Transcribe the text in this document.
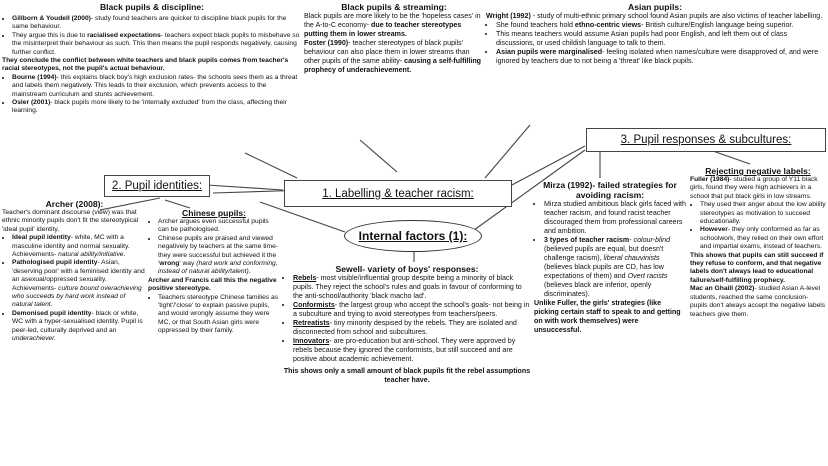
Black pupils & discipline:
• Gillborn & Youdell (2000)- study found teachers are quicker to discipline black pupils for the same behaviour.
• They argue this is due to racialised expectations- teachers expect black pupils to misbehave so the misinterpret their behaviour as such. This then means the pupil responds negatively, causing further conflict.

They conclude the conflict between white teachers and black pupils comes from teacher's racial stereotypes, not the pupil's actual behaviour.

• Bourne (1994)- this explains black boy's high exclusion rates- the schools sees them as a threat and labels them negatively. This leads to their exclusion, which prevents access to the mainstream curriculum and stunts achievement.
• Osler (2001)- black pupils more likely to be 'internally excluded' from the class, affecting their learning.
Black pupils & streaming:

Black pupils are more likely to be the 'hopeless cases' in the A-to-C economy- due to teacher stereotypes putting them in lower streams.

Foster (1990)- teacher stereotypes of black pupils' behaviour can also place them in lower streams than other pupils of the same ability- causing a self-fulfilling prophecy of underachievement.

Asian pupils:

Wright (1992) - study of multi-ethnic primary school found Asian pupils are also victims of teacher labelling.

• She found teachers hold ethno-centric views- British culture/English language being superior.
• This means teachers would assume Asian pupils had poor English, and left them out of class discussions, or used childish language to talk to them.
• Asian pupils were marginalised- feeling isolated when names/culture were disapproved of, and were ignored by teachers due to not being a 'threat' like black pupils.
2. Pupil identities:
1. Labelling & teacher racism:
3. Pupil responses & subcultures:
Internal factors (1):
Archer (2008):

Teacher's dominant discourse (view) was that ethnic minority pupils don't fit the stereotypical 'ideal pupil' identity.

• Ideal pupil identity- white, MC with a masculine identity and normal sexuality. Achievements- natural ability/initiative.
• Pathologised pupil identity- Asian, 'deserving poor' with a feminised identity and an asexual/oppressed sexuality. Achievements- culture bound overachieving who succeeds by hard work instead of natural talent.
• Demonised pupil identity- black or white, WC with a hyper-sexualised identity. Pupil is peer-led, culturally deprived and an underachiever.
Chinese pupils:
• Archer argues even successful pupils can be pathologised.
• Chinese pupils are praised and viewed negatively by teachers at the same time- they were successful but achieved it the 'wrong' way (hard work and conforming, instead of natural ability/talent).

Archer and Francis call this the negative positive stereotype.

• Teachers stereotype Chinese families as 'tight'/'close' to explain passive pupils, and would wrongly assume they were MC, or that South Asian girls were oppressed by their family.
Sewell- variety of boys' responses:
• Rebels- most visible/influential group despite being a minority of black pupils. They reject the school's rules and goals in favour of conforming to the anti-school/authority 'black macho lad'.
• Conformists- the largest group who accept the school's goals- not being in a subculture and trying to avoid stereotypes from teachers/peers.
• Retreatists- tiny minority despised by the rebels. They are isolated and disconnected from school and subcultures.
• Innovators- are pro-education but anti-school. They were approved by rebels because they ignored the conformists, but still succeed and are positive about academic achievement.

This shows only a small amount of black pupils fit the rebel assumptions teacher have.

Mirza (1992)- failed strategies for avoiding racism:
• Mirza studied ambitious black girls faced with teacher racism, and found racist teacher discouraged them from professional careers and ambition.
• 3 types of teacher racism- colour-blind (believed pupils are equal, but doesn't challenge racism), liberal chauvinists (believes black pupils are CD, has low expectations of them) and Overt racists (believes black are inferior, openly discriminates).

Unlike Fuller, the girls' strategies (like picking certain staff to speak to and getting on with work themselves) were unsuccessful.

Rejecting negative labels:

Fuller (1984)- studied a group of Y11 black girls, found they were high achievers in a school that put black girls in low streams.

• They used their anger about the low ability stereotypes as motivation to succeed educationally.
• However- they only conformed as far as schoolwork, they relied on their own effort and impartial exams, instead of teachers.

This shows that pupils can still succeed if they refuse to conform, and that negative labels don't always lead to educational failure/self-fulfilling prophecy.

Mac an Ghaill (2002)- studied Asian A-level students, reached the same conclusion- pupils don't always accept the negative labels teachers give them.
